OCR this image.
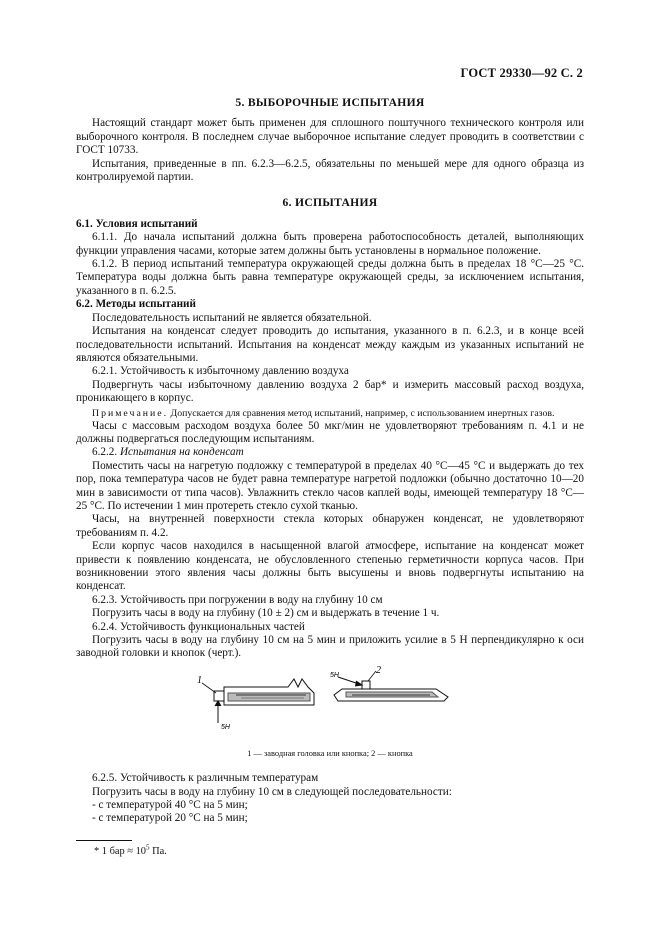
ГОСТ 29330—92 С. 2

5. ВЫБОРОЧНЫЕ ИСПЫТАНИЯ

Настоящий стандарт может быть применен для сплошного поштучного технического контроля или выборочного контроля. В последнем случае выборочное испытание следует проводить в соответствии с ГОСТ 10733.

Испытания, приведенные в пп. 6.2.3—6.2.5, обязательны по меньшей мере для одного образца из контролируемой партии.

6. ИСПЫТАНИЯ

6.1. Условия испытаний

6.1.1. До начала испытаний должна быть проверена работоспособность деталей, выполняющих функции управления часами, которые затем должны быть установлены в нормальное положение.

6.1.2. В период испытаний температура окружающей среды должна быть в пределах 18 °С—25 °С. Температура воды должна быть равна температуре окружающей среды, за исключением испытания, указанного в п. 6.2.5.

6.2. Методы испытаний

Последовательность испытаний не является обязательной.

Испытания на конденсат следует проводить до испытания, указанного в п. 6.2.3, и в конце всей последовательности испытаний. Испытания на конденсат между каждым из указанных испытаний не являются обязательными.

6.2.1. Устойчивость к избыточному давлению воздуха

Подвергнуть часы избыточному давлению воздуха 2 бар* и измерить массовый расход воздуха, проникающего в корпус.

Примечание. Допускается для сравнения метод испытаний, например, с использованием инертных газов.

Часы с массовым расходом воздуха более 50 мкг/мин не удовлетворяют требованиям п. 4.1 и не должны подвергаться последующим испытаниям.

6.2.2. Испытания на конденсат

Поместить часы на нагретую подложку с температурой в пределах 40 °С—45 °С и выдержать до тех пор, пока температура часов не будет равна температуре нагретой подложки (обычно достаточно 10—20 мин в зависимости от типа часов). Увлажнить стекло часов каплей воды, имеющей температуру 18 °С—25 °С. По истечении 1 мин протереть стекло сухой тканью.

Часы, на внутренней поверхности стекла которых обнаружен конденсат, не удовлетворяют требованиям п. 4.2.

Если корпус часов находился в насыщенной влагой атмосфере, испытание на конденсат может привести к появлению конденсата, не обусловленного степенью герметичности корпуса часов. При возникновении этого явления часы должны быть высушены и вновь подвергнуты испытанию на конденсат.

6.2.3. Устойчивость при погружении в воду на глубину 10 см

Погрузить часы в воду на глубину (10 ± 2) см и выдержать в течение 1 ч.

6.2.4. Устойчивость функциональных частей

Погрузить часы в воду на глубину 10 см на 5 мин и приложить усилие в 5 Н перпендикулярно к оси заводной головки и кнопок (черт.).

1
5H
2
5H

1 — заводная головка или кнопка; 2 — кнопка

6.2.5. Устойчивость к различным температурам

Погрузить часы в воду на глубину 10 см в следующей последовательности:

- с температурой 40 °С на 5 мин;

- с температурой 20 °С на 5 мин;

* 1 бар ≈ $10^5$ Па.
